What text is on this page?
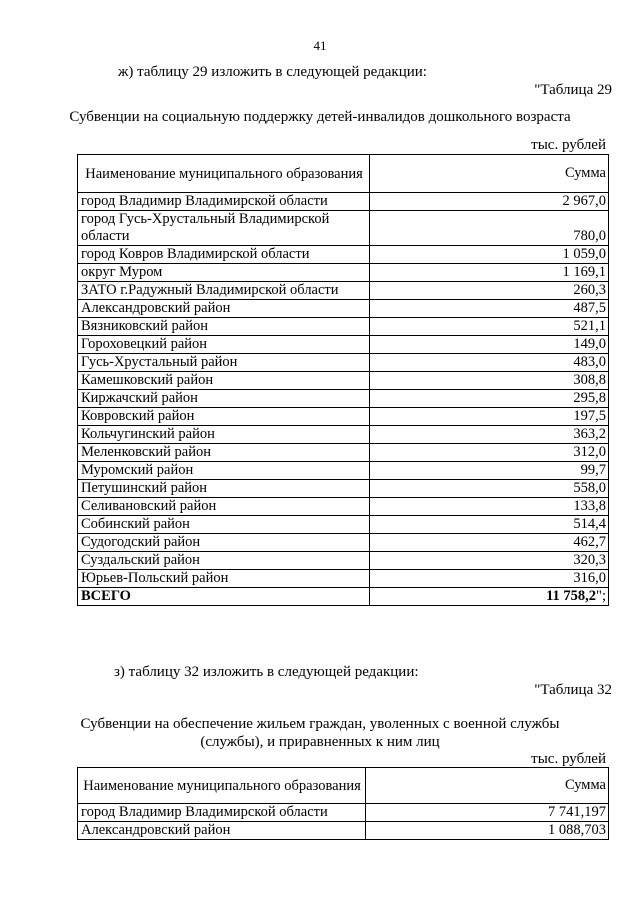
41
ж) таблицу 29 изложить в следующей редакции:
"Таблица 29
Субвенции на социальную поддержку детей-инвалидов дошкольного возраста
тыс. рублей
Наименование муниципального образования	Сумма
город Владимир Владимирской области	2 967,0
город Гусь-Хрустальный Владимирской области	780,0
город Ковров Владимирской области	1 059,0
округ Муром	1 169,1
ЗАТО г.Радужный Владимирской области	260,3
Александровский район	487,5
Вязниковский район	521,1
Гороховецкий район	149,0
Гусь-Хрустальный район	483,0
Камешковский район	308,8
Киржачский район	295,8
Ковровский район	197,5
Кольчугинский район	363,2
Меленковский район	312,0
Муромский район	99,7
Петушинский район	558,0
Селивановский район	133,8
Собинский район	514,4
Судогодский район	462,7
Суздальский район	320,3
Юрьев-Польский район	316,0
ВСЕГО	11 758,2";
з) таблицу 32 изложить в следующей редакции:
"Таблица 32
Субвенции на обеспечение жильем граждан, уволенных с военной службы
(службы), и приравненных к ним лиц
тыс. рублей
Наименование муниципального образования	Сумма
город Владимир Владимирской области	7 741,197
Александровский район	1 088,703
